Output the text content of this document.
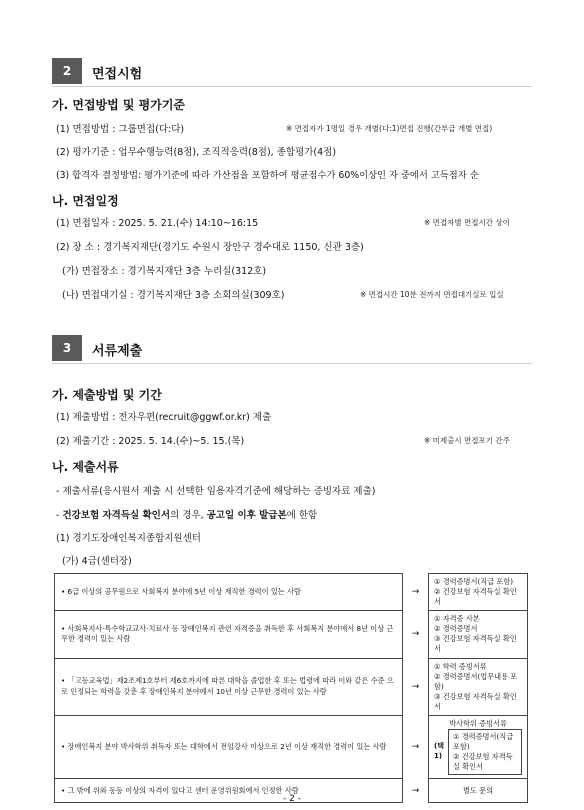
2	면접시험
가. 면접방법 및 평가기준
(1) 면접방법 : 그룹면접(다:다)	※ 면접자가 1명일 경우 개별(다:1)면접 진행(간부급 개별 면접)
(2) 평가기준 : 업무수행능력(8점), 조직적응력(8점), 종합평가(4점)
(3) 합격자 결정방법: 평가기준에 따라 가산점을 포함하여 평균점수가 60%이상인 자 중에서 고득점자 순
나. 면접일정
(1) 면접일자 : 2025. 5. 21.(수) 14:10~16:15	※ 면접자별 면접시간 상이
(2) 장 소 : 경기복지재단(경기도 수원시 장안구 경수대로 1150, 신관 3층)
(가) 면접장소 : 경기복지재단 3층 누리실(312호)
(나) 면접대기실 : 경기복지재단 3층 소회의실(309호)	※ 면접시간 10분 전까지 면접대기실로 입실
3	서류제출
가. 제출방법 및 기간
(1) 제출방법 : 전자우편(recruit@ggwf.or.kr) 제출
(2) 제출기간 : 2025. 5. 14.(수)~5. 15.(목)	※ 미제출시 면접포기 간주
나. 제출서류
- 제출서류(응시원서 제출 시 선택한 임용자격기준에 해당하는 증빙자료 제출)
- 건강보험 자격득실 확인서의 경우, 공고일 이후 발급본에 한함
(1) 경기도장애인복지종합지원센터
(가) 4급(센터장)
• 6급 이상의 공무원으로 사회복지 분야에 5년 이상 재직한 경력이 있는 사람	→	① 경력증명서(직급 포함)
② 건강보험 자격득실 확인서

• 사회복지사·특수학교교사·치료사 등 장애인복지 관련 자격증을 취득한 후 사회복지 분야에서 8년 이상 근무한 경력이 있는 사람	→	① 자격증 사본
② 경력증명서
③ 건강보험 자격득실 확인서

• 「고등교육법」제2조제1호부터 제6호까지에 따른 대학을 졸업한 후 또는 법령에 따라 이와 같은 수준 으로 인정되는 학력을 갖춘 후 장애인복지 분야에서 10년 이상 근무한 경력이 있는 사람	→	① 학력 증빙서류
② 경력증명서(업무내용 포함)
③ 건강보험 자격득실 확인서

• 장애인복지 분야 박사학위 취득자 또는 대학에서 전임강사 이상으로 2년 이상 재직한 경력이 있는 사람	→	박사학위 증빙서류
(택1)
① 경력증명서(직급 포함)
② 건강보험 자격득실 확인서

• 그 밖에 위와 동등 이상의 자격이 있다고 센터 운영위원회에서 인정한 사람	→	별도 문의
- 2 -
